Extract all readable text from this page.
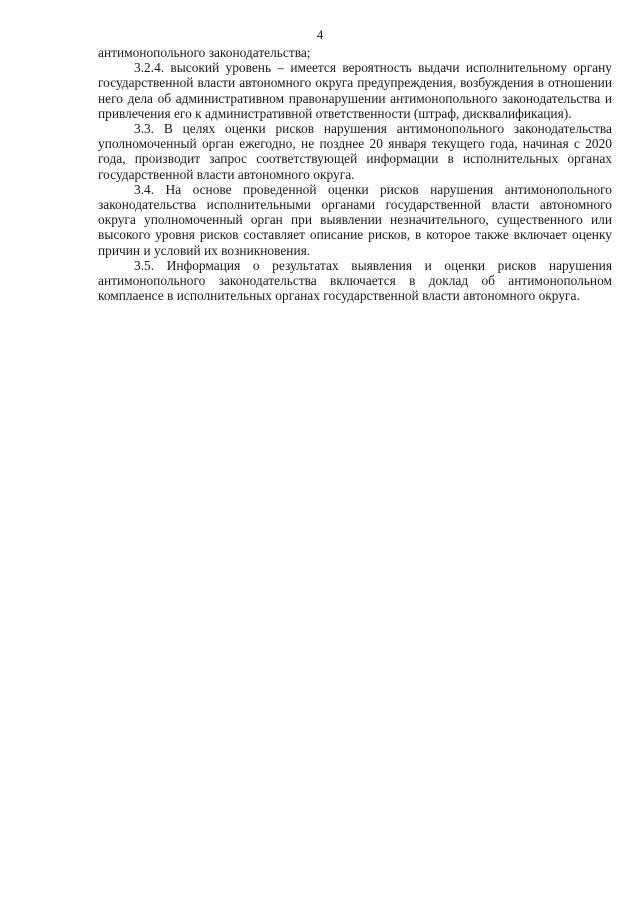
4

антимонопольного законодательства;

3.2.4. высокий уровень – имеется вероятность выдачи исполнительному органу государственной власти автономного округа предупреждения, возбуждения в отношении него дела об административном правонарушении антимонопольного законодательства и привлечения его к административной ответственности (штраф, дисквалификация).

3.3. В целях оценки рисков нарушения антимонопольного законодательства уполномоченный орган ежегодно, не позднее 20 января текущего года, начиная с 2020 года, производит запрос соответствующей информации в исполнительных органах государственной власти автономного округа.

3.4. На основе проведенной оценки рисков нарушения антимонопольного законодательства исполнительными органами государственной власти автономного округа уполномоченный орган при выявлении незначительного, существенного или высокого уровня рисков составляет описание рисков, в которое также включает оценку причин и условий их возникновения.

3.5. Информация о результатах выявления и оценки рисков нарушения антимонопольного законодательства включается в доклад об антимонопольном комплаенсе в исполнительных органах государственной власти автономного округа.
